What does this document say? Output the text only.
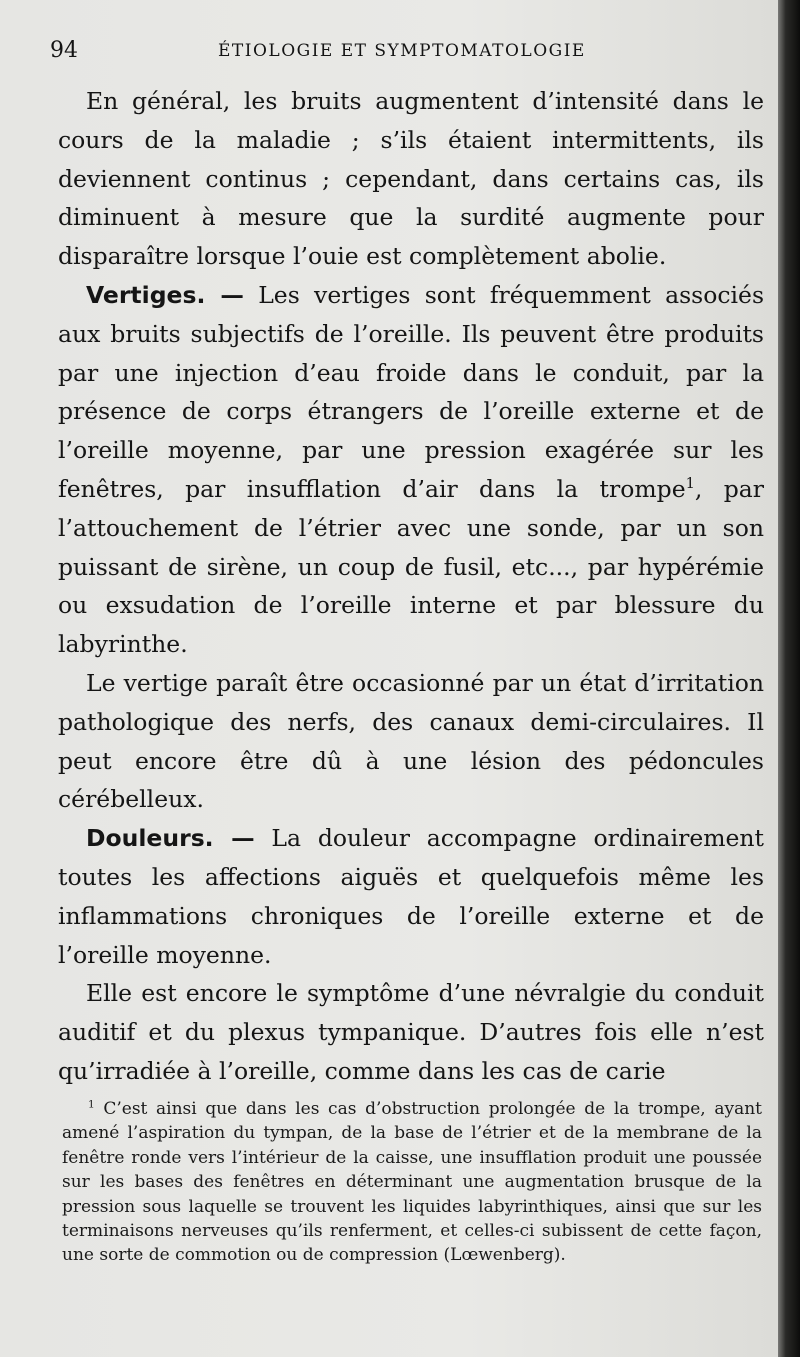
94	ÉTIOLOGIE ET SYMPTOMATOLOGIE

En général, les bruits augmentent d’intensité dans le cours de la maladie ; s’ils étaient intermittents, ils deviennent continus ; cependant, dans certains cas, ils diminuent à mesure que la surdité augmente pour disparaître lorsque l’ouie est complètement abolie.

Vertiges. — Les vertiges sont fréquemment associés aux bruits subjectifs de l’oreille. Ils peuvent être produits par une injection d’eau froide dans le conduit, par la présence de corps étrangers de l’oreille externe et de l’oreille moyenne, par une pression exagérée sur les fenêtres, par insufflation d’air dans la trompe$^1$, par l’attouchement de l’étrier avec une sonde, par un son puissant de sirène, un coup de fusil, etc..., par hypérémie ou exsudation de l’oreille interne et par blessure du labyrinthe.

Le vertige paraît être occasionné par un état d’irritation pathologique des nerfs, des canaux demi-circulaires. Il peut encore être dû à une lésion des pédoncules cérébelleux.

Douleurs. — La douleur accompagne ordinairement toutes les affections aiguës et quelquefois même les inflammations chroniques de l’oreille externe et de l’oreille moyenne.

Elle est encore le symptôme d’une névralgie du conduit auditif et du plexus tympanique. D’autres fois elle n’est qu’irradiée à l’oreille, comme dans les cas de carie

$^1$ C’est ainsi que dans les cas d’obstruction prolongée de la trompe, ayant amené l’aspiration du tympan, de la base de l’étrier et de la membrane de la fenêtre ronde vers l’intérieur de la caisse, une insufflation produit une poussée sur les bases des fenêtres en déterminant une augmentation brusque de la pression sous laquelle se trouvent les liquides labyrinthiques, ainsi que sur les terminaisons nerveuses qu’ils renferment, et celles-ci subissent de cette façon, une sorte de commotion ou de compression (Lœwenberg).
